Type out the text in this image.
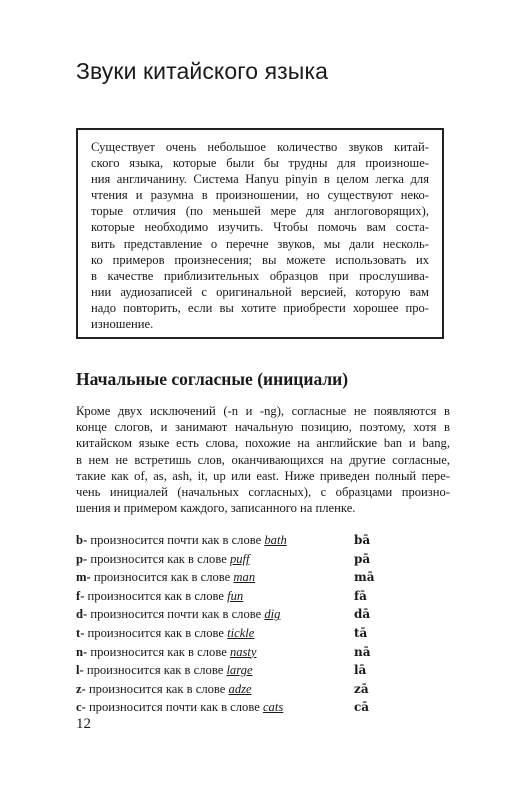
Звуки китайского языка
Существует очень небольшое количество звуков китай-
ского языка, которые были бы трудны для произноше-
ния англичанину. Система Hanyu pinyin в целом легка для
чтения и разумна в произношении, но существуют неко-
торые отличия (по меньшей мере для англоговорящих),
которые необходимо изучить. Чтобы помочь вам соста-
вить представление о перечне звуков, мы дали несколь-
ко примеров произнесения; вы можете использовать их
в качестве приблизительных образцов при прослушива-
нии аудиозаписей с оригинальной версией, которую вам
надо повторить, если вы хотите приобрести хорошее про-
изношение.
Начальные согласные (инициали)
Кроме двух исключений (-n и -ng), согласные не появляются в
конце слогов, и занимают начальную позицию, поэтому, хотя в
китайском языке есть слова, похожие на английские ban и bang,
в нем не встретишь слов, оканчивающихся на другие согласные,
такие как of, as, ash, it, up или east. Ниже приведен полный пере-
чень инициалей (начальных согласных), с образцами произно-
шения и примером каждого, записанного на пленке.
b- произносится почти как в слове bath	bā
p- произносится как в слове puff	pā
m- произносится как в слове man	mā
f- произносится как в слове fun	fā
d- произносится почти как в слове dig	dā
t- произносится как в слове tickle	tā
n- произносится как в слове nasty	nā
l- произносится как в слове large	lā
z- произносится как в слове adze	zā
c- произносится почти как в слове cats	cā
12
